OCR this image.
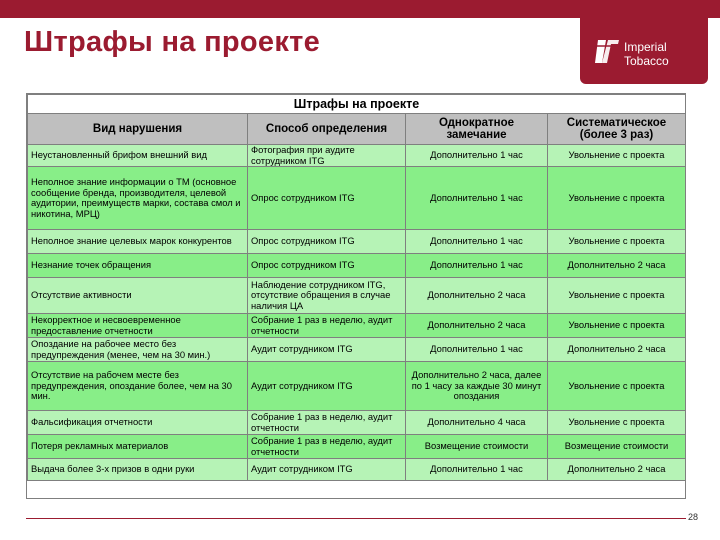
Штрафы на проекте	Imperial
Tobacco
Штрафы на проекте			
Вид нарушения	Способ определения	Однократное замечание	Систематическое (более 3 раз)
Неустановленный брифом внешний вид	Фотография при аудите сотрудником ITG	Дополнительно 1 час	Увольнение с проекта
Неполное знание информации о ТМ (основное сообщение бренда, производителя, целевой аудитории, преимуществ марки, состава смол и никотина, МРЦ)	Опрос сотрудником ITG	Дополнительно 1 час	Увольнение с проекта
Неполное знание целевых марок конкурентов	Опрос сотрудником ITG	Дополнительно 1 час	Увольнение с проекта
Незнание точек обращения	Опрос сотрудником ITG	Дополнительно 1 час	Дополнительно 2 часа
Отсутствие активности	Наблюдение сотрудником ITG, отсутствие обращения в случае наличия ЦА	Дополнительно 2 часа	Увольнение с проекта
Некорректное и несвоевременное предоставление отчетности	Собрание 1 раз в неделю, аудит отчетности	Дополнительно 2 часа	Увольнение с проекта
Опоздание на рабочее место без предупреждения (менее, чем на 30 мин.)	Аудит сотрудником ITG	Дополнительно 1 час	Дополнительно 2 часа
Отсутствие на рабочем месте без предупреждения, опоздание более, чем на 30 мин.	Аудит сотрудником ITG	Дополнительно 2 часа, далее по 1 часу за каждые 30 минут опоздания	Увольнение с проекта
Фальсификация отчетности	Собрание 1 раз в неделю, аудит отчетности	Дополнительно 4 часа	Увольнение с проекта
Потеря рекламных материалов	Собрание 1 раз в неделю, аудит отчетности	Возмещение стоимости	Возмещение стоимости
Выдача более 3-х призов в одни руки	Аудит сотрудником ITG	Дополнительно 1 час	Дополнительно 2 часа
28
